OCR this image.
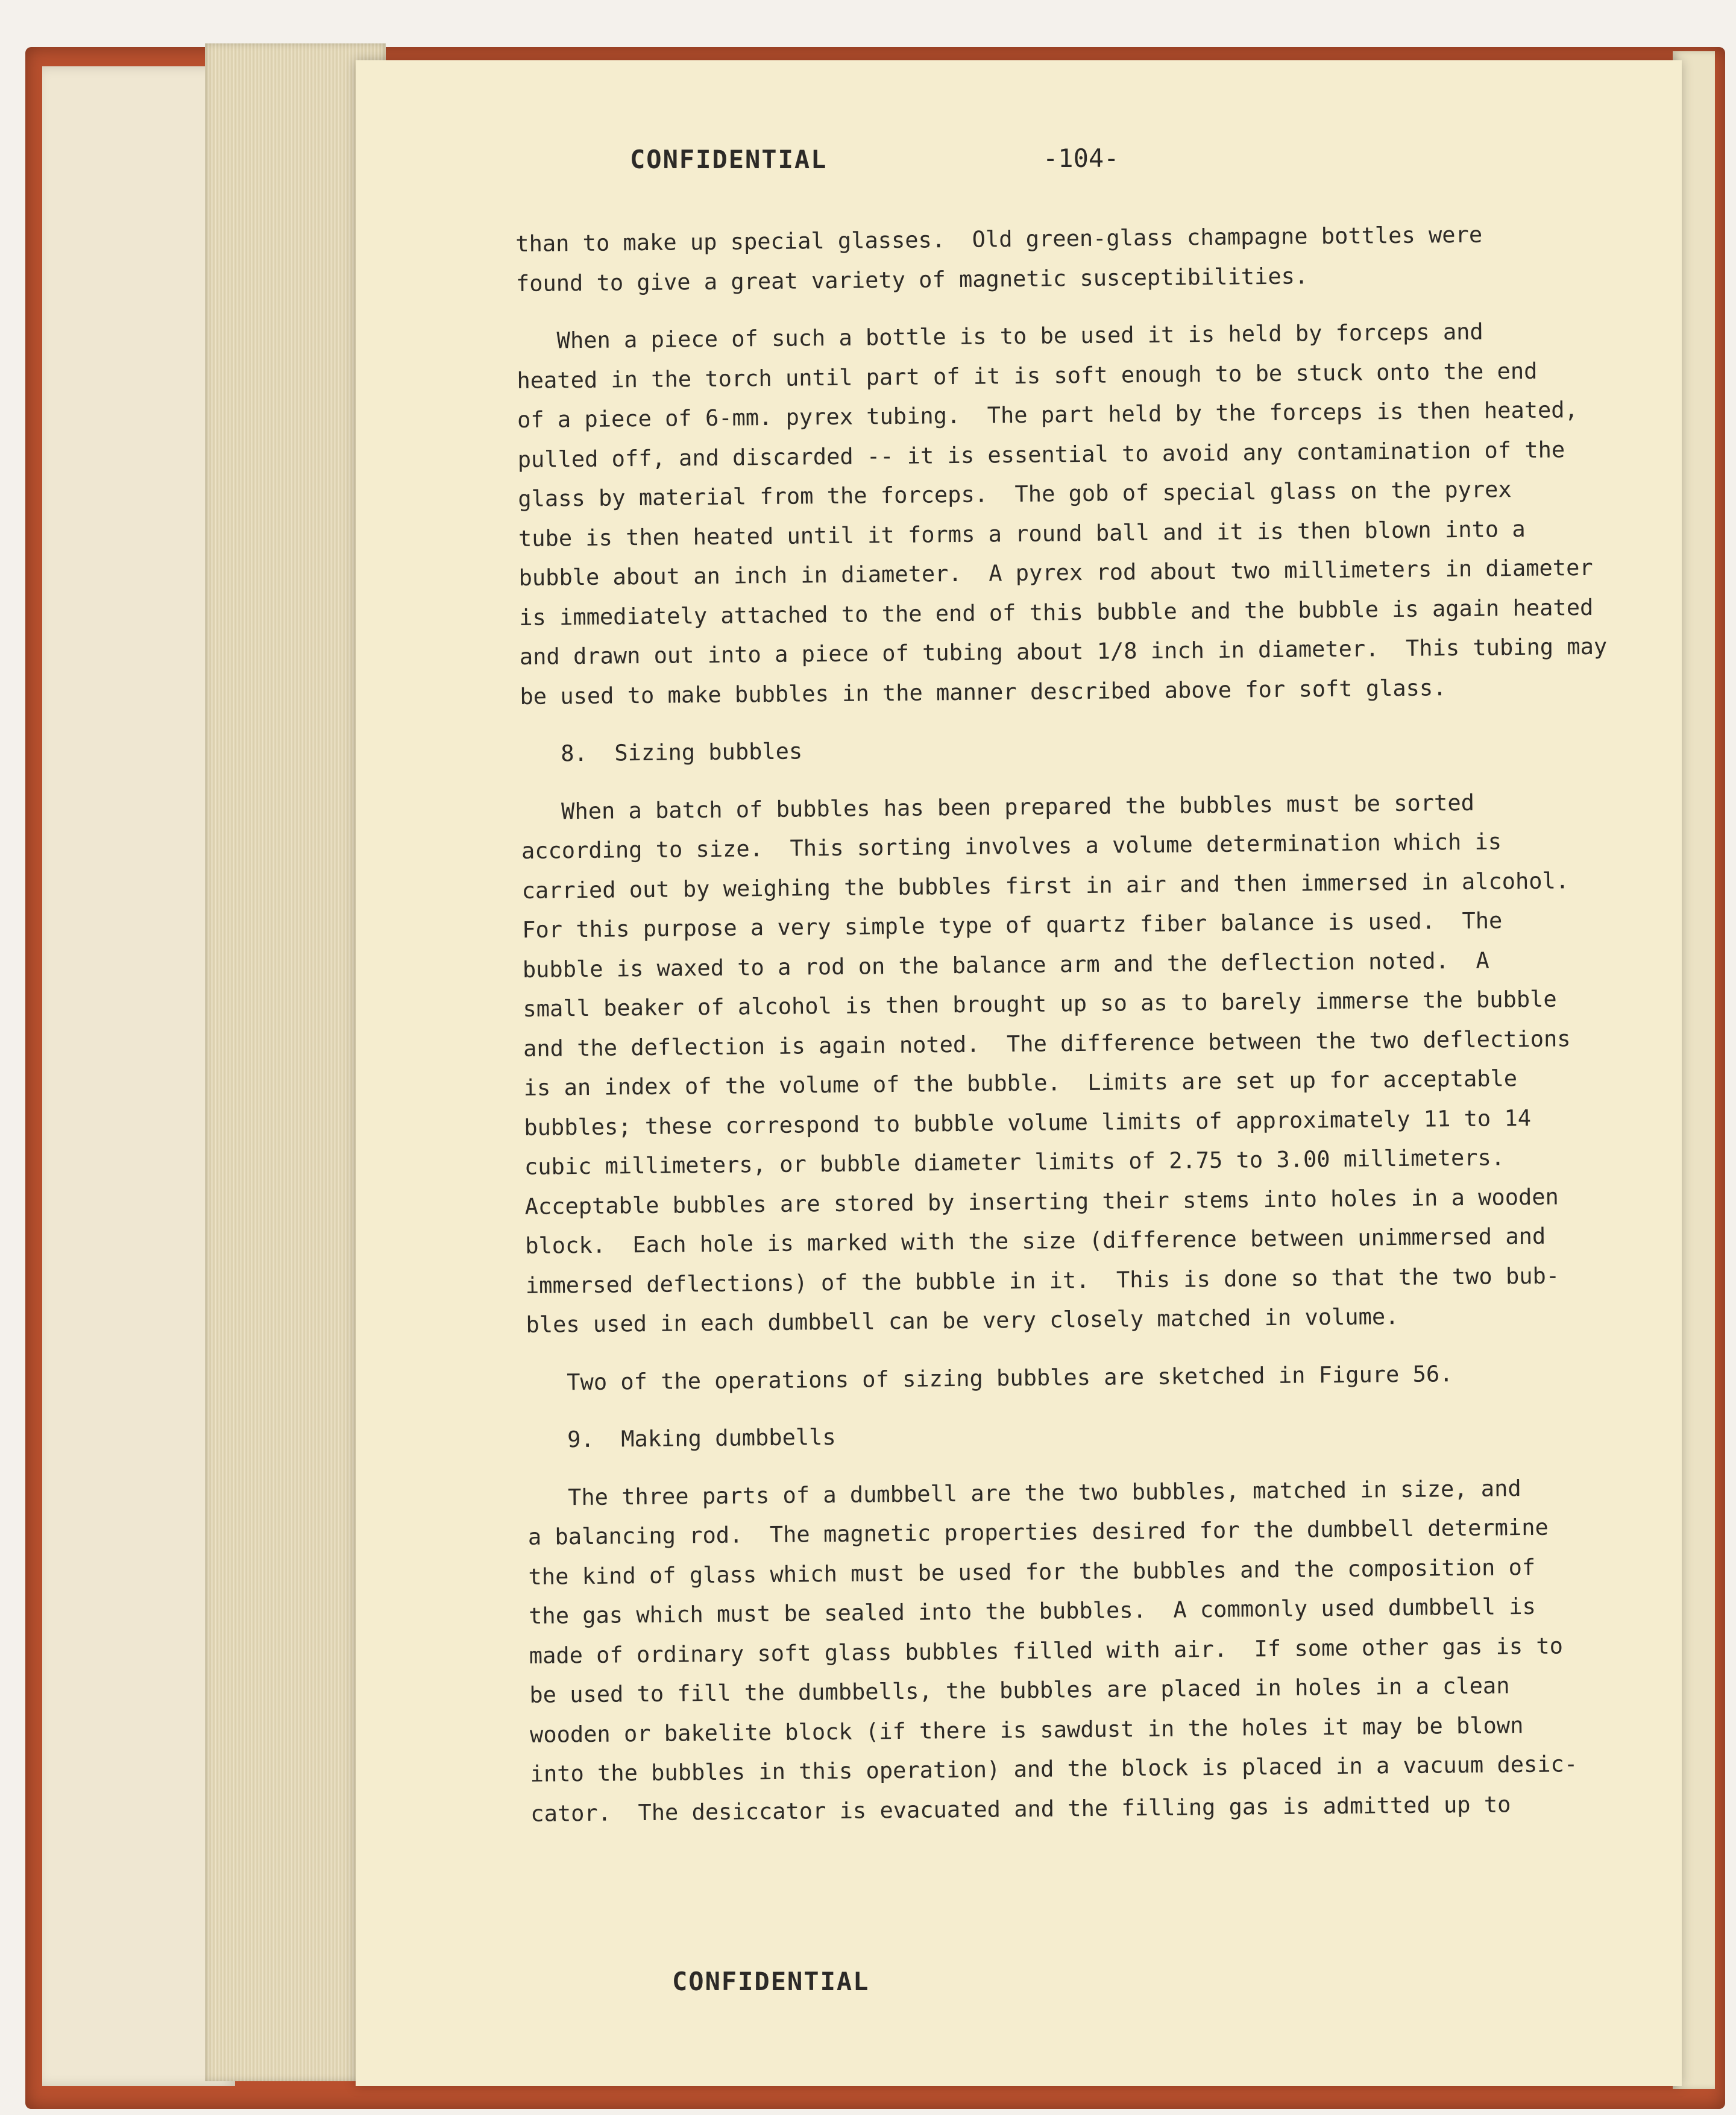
CONFIDENTIAL	-104-
than to make up special glasses.  Old green-glass champagne bottles were
found to give a great variety of magnetic susceptibilities.
When a piece of such a bottle is to be used it is held by forceps and
heated in the torch until part of it is soft enough to be stuck onto the end
of a piece of 6-mm. pyrex tubing.  The part held by the forceps is then heated,
pulled off, and discarded -- it is essential to avoid any contamination of the
glass by material from the forceps.  The gob of special glass on the pyrex
tube is then heated until it forms a round ball and it is then blown into a
bubble about an inch in diameter.  A pyrex rod about two millimeters in diameter
is immediately attached to the end of this bubble and the bubble is again heated
and drawn out into a piece of tubing about 1/8 inch in diameter.  This tubing may
be used to make bubbles in the manner described above for soft glass.
8.  Sizing bubbles
When a batch of bubbles has been prepared the bubbles must be sorted
according to size.  This sorting involves a volume determination which is
carried out by weighing the bubbles first in air and then immersed in alcohol.
For this purpose a very simple type of quartz fiber balance is used.  The
bubble is waxed to a rod on the balance arm and the deflection noted.  A
small beaker of alcohol is then brought up so as to barely immerse the bubble
and the deflection is again noted.  The difference between the two deflections
is an index of the volume of the bubble.  Limits are set up for acceptable
bubbles; these correspond to bubble volume limits of approximately 11 to 14
cubic millimeters, or bubble diameter limits of 2.75 to 3.00 millimeters.
Acceptable bubbles are stored by inserting their stems into holes in a wooden
block.  Each hole is marked with the size (difference between unimmersed and
immersed deflections) of the bubble in it.  This is done so that the two bub-
bles used in each dumbbell can be very closely matched in volume.
Two of the operations of sizing bubbles are sketched in Figure 56.
9.  Making dumbbells
The three parts of a dumbbell are the two bubbles, matched in size, and
a balancing rod.  The magnetic properties desired for the dumbbell determine
the kind of glass which must be used for the bubbles and the composition of
the gas which must be sealed into the bubbles.  A commonly used dumbbell is
made of ordinary soft glass bubbles filled with air.  If some other gas is to
be used to fill the dumbbells, the bubbles are placed in holes in a clean
wooden or bakelite block (if there is sawdust in the holes it may be blown
into the bubbles in this operation) and the block is placed in a vacuum desic-
cator.  The desiccator is evacuated and the filling gas is admitted up to
CONFIDENTIAL
